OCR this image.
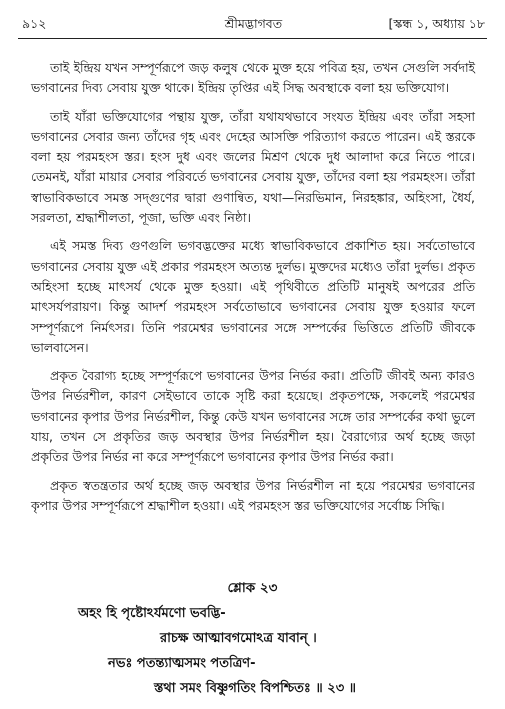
৯১২	শ্রীমদ্ভাগবত	[স্কন্ধ ১, অধ্যায় ১৮

তাই ইন্দ্রিয় যখন সম্পূর্ণরূপে জড় কলুষ থেকে মুক্ত হয়ে পবিত্র হয়, তখন সেগুলি সর্বদাই ভগবানের দিব্য সেবায় যুক্ত থাকে। ইন্দ্রিয় তৃপ্তির এই সিদ্ধ অবস্থাকে বলা হয় ভক্তিযোগ।

তাই যাঁরা ভক্তিযোগের পন্থায় যুক্ত, তাঁরা যথাযথভাবে সংযত ইন্দ্রিয় এবং তাঁরা সহসা ভগবানের সেবার জন্য তাঁদের গৃহ এবং দেহের আসক্তি পরিত্যাগ করতে পারেন। এই স্তরকে বলা হয় পরমহংস স্তর। হংস দুধ এবং জলের মিশ্রণ থেকে দুধ আলাদা করে নিতে পারে। তেমনই, যাঁরা মায়ার সেবার পরিবর্তে ভগবানের সেবায় যুক্ত, তাঁদের বলা হয় পরমহংস। তাঁরা স্বাভাবিকভাবে সমস্ত সদ্গুণের দ্বারা গুণান্বিত, যথা—নিরভিমান, নিরহঙ্কার, অহিংসা, ধৈর্য, সরলতা, শ্রদ্ধাশীলতা, পূজা, ভক্তি এবং নিষ্ঠা।

এই সমস্ত দিব্য গুণগুলি ভগবদ্ভক্তের মধ্যে স্বাভাবিকভাবে প্রকাশিত হয়। সর্বতোভাবে ভগবানের সেবায় যুক্ত এই প্রকার পরমহংস অত্যন্ত দুর্লভ। মুক্তদের মধ্যেও তাঁরা দুর্লভ। প্রকৃত অহিংসা হচ্ছে মাৎসর্য থেকে মুক্ত হওয়া। এই পৃথিবীতে প্রতিটি মানুষই অপরের প্রতি মাৎসর্যপরায়ণ। কিন্তু আদর্শ পরমহংস সর্বতোভাবে ভগবানের সেবায় যুক্ত হওয়ার ফলে সম্পূর্ণরূপে নির্মৎসর। তিনি পরমেশ্বর ভগবানের সঙ্গে সম্পর্কের ভিত্তিতে প্রতিটি জীবকে ভালবাসেন।

প্রকৃত বৈরাগ্য হচ্ছে সম্পূর্ণরূপে ভগবানের উপর নির্ভর করা। প্রতিটি জীবই অন্য কারও উপর নির্ভরশীল, কারণ সেইভাবে তাকে সৃষ্টি করা হয়েছে। প্রকৃতপক্ষে, সকলেই পরমেশ্বর ভগবানের কৃপার উপর নির্ভরশীল, কিন্তু কেউ যখন ভগবানের সঙ্গে তার সম্পর্কের কথা ভুলে যায়, তখন সে প্রকৃতির জড় অবস্থার উপর নির্ভরশীল হয়। বৈরাগ্যের অর্থ হচ্ছে জড়া প্রকৃতির উপর নির্ভর না করে সম্পূর্ণরূপে ভগবানের কৃপার উপর নির্ভর করা।

প্রকৃত স্বতন্ত্রতার অর্থ হচ্ছে জড় অবস্থার উপর নির্ভরশীল না হয়ে পরমেশ্বর ভগবানের কৃপার উপর সম্পূর্ণরূপে শ্রদ্ধাশীল হওয়া। এই পরমহংস স্তর ভক্তিযোগের সর্বোচ্চ সিদ্ধি।

শ্লোক ২৩
অহং হি পৃষ্টোঽর্যমণো ভবদ্ভি-
রাচক্ষ আত্মাবগমোঽত্র যাবান্ ।
নভঃ পতন্ত্যাত্মসমং পতত্রিণ-
স্তথা সমং বিষ্ণুগতিং বিপশ্চিতঃ ॥ ২৩ ॥
